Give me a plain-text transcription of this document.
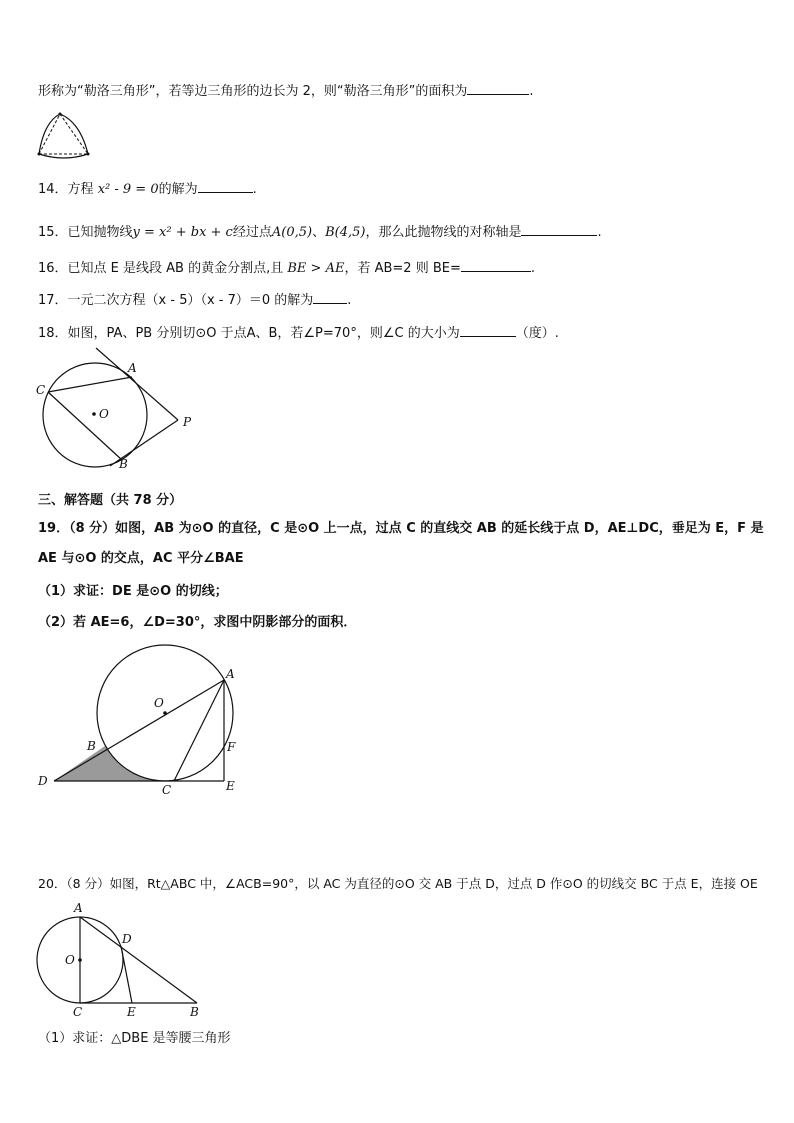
形称为“勒洛三角形”，若等边三角形的边长为 2，则“勒洛三角形”的面积为	.
14．方程 x² - 9 = 0的解为	.
15．已知抛物线y = x² + bx + c经过点A(0,5)、B(4,5)，那么此抛物线的对称轴是	.
16．已知点 E 是线段 AB 的黄金分割点,且 BE > AE，若 AB=2 则 BE=	.
17．一元二次方程（x - 5）（x - 7）＝0 的解为	.
18．如图，PA、PB 分别切⊙O 于点A、B，若∠P=70°，则∠C 的大小为	（度）.
A
B
C
O
P
三、解答题（共 78 分）
19．（8 分）如图，AB 为⊙O 的直径，C 是⊙O 上一点，过点 C 的直线交 AB 的延长线于点 D，AE⊥DC，垂足为 E，F 是
AE 与⊙O 的交点，AC 平分∠BAE
（1）求证：DE 是⊙O 的切线；
（2）若 AE=6，∠D=30°，求图中阴影部分的面积．
A
B
C
D	E
F
O
20．（8 分）如图，Rt△ABC 中，∠ACB=90°，以 AC 为直径的⊙O 交 AB 于点 D，过点 D 作⊙O 的切线交 BC 于点 E，连接 OE
A
B
C
D
E
O
（1）求证：△DBE 是等腰三角形
